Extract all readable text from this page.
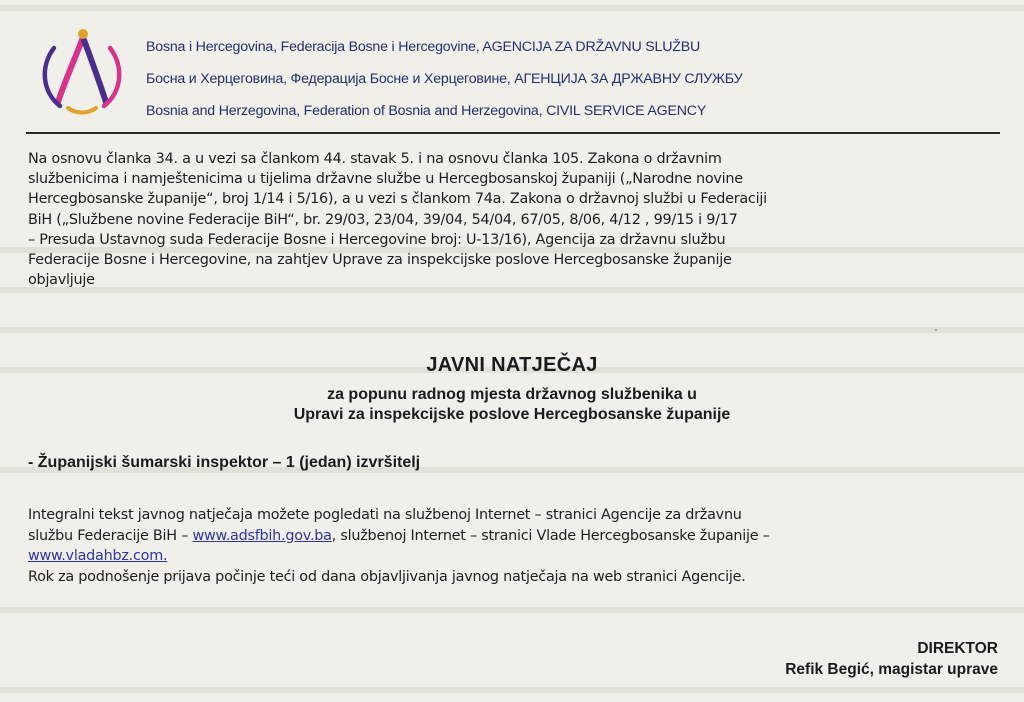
Bosna i Hercegovina, Federacija Bosne i Hercegovine, AGENCIJA ZA DRŽAVNU SLUŽBU
Босна и Херцеговина, Федерација Босне и Херцеговине, АГЕНЦИЈА ЗА ДРЖАВНУ СЛУЖБУ
Bosnia and Herzegovina, Federation of Bosnia and Herzegovina, CIVIL SERVICE AGENCY
Na osnovu članka 34. a u vezi sa člankom 44. stavak 5. i na osnovu članka 105. Zakona o državnim
službenicima i namještenicima u tijelima državne službe u Hercegbosanskoj županiji („Narodne novine
Hercegbosanske županije“, broj 1/14 i 5/16), a u vezi s člankom 74a. Zakona o državnoj službi u Federaciji
BiH („Službene novine Federacije BiH“, br. 29/03, 23/04, 39/04, 54/04, 67/05, 8/06, 4/12 , 99/15 i 9/17
– Presuda Ustavnog suda Federacije Bosne i Hercegovine broj: U-13/16), Agencija za državnu službu
Federacije Bosne i Hercegovine, na zahtjev Uprave za inspekcijske poslove Hercegbosanske županije
objavljuje
·
JAVNI NATJEČAJ
za popunu radnog mjesta državnog službenika u
Upravi za inspekcijske poslove Hercegbosanske županije
- Županijski šumarski inspektor – 1 (jedan) izvršitelj
Integralni tekst javnog natječaja možete pogledati na službenoj Internet – stranici Agencije za državnu
službu Federacije BiH – www.adsfbih.gov.ba, službenoj Internet – stranici Vlade Hercegbosanske županije –
www.vladahbz.com.
Rok za podnošenje prijava počinje teći od dana objavljivanja javnog natječaja na web stranici Agencije.
DIREKTOR
Refik Begić, magistar uprave
